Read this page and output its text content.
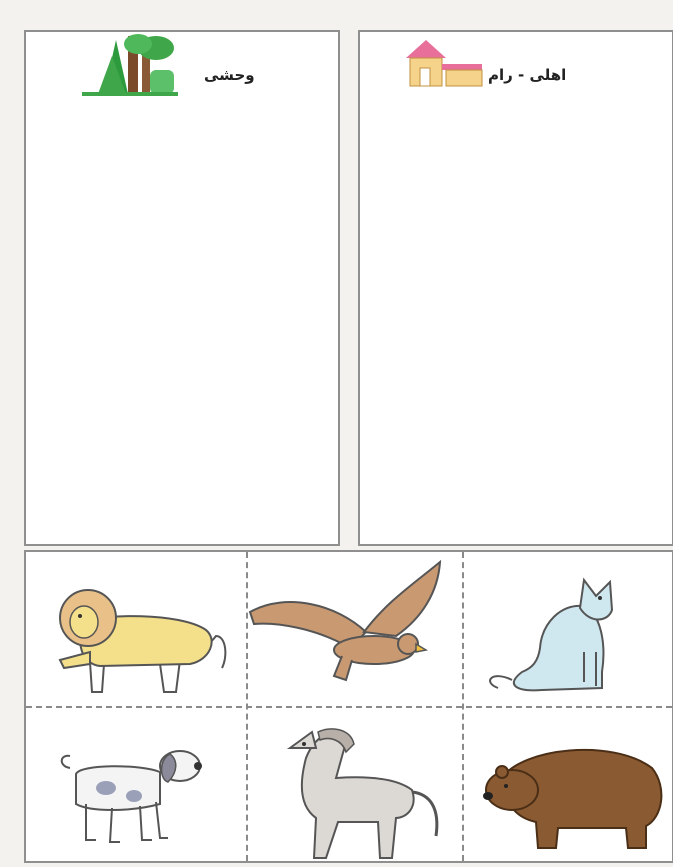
وحشی	اهلی - رام
